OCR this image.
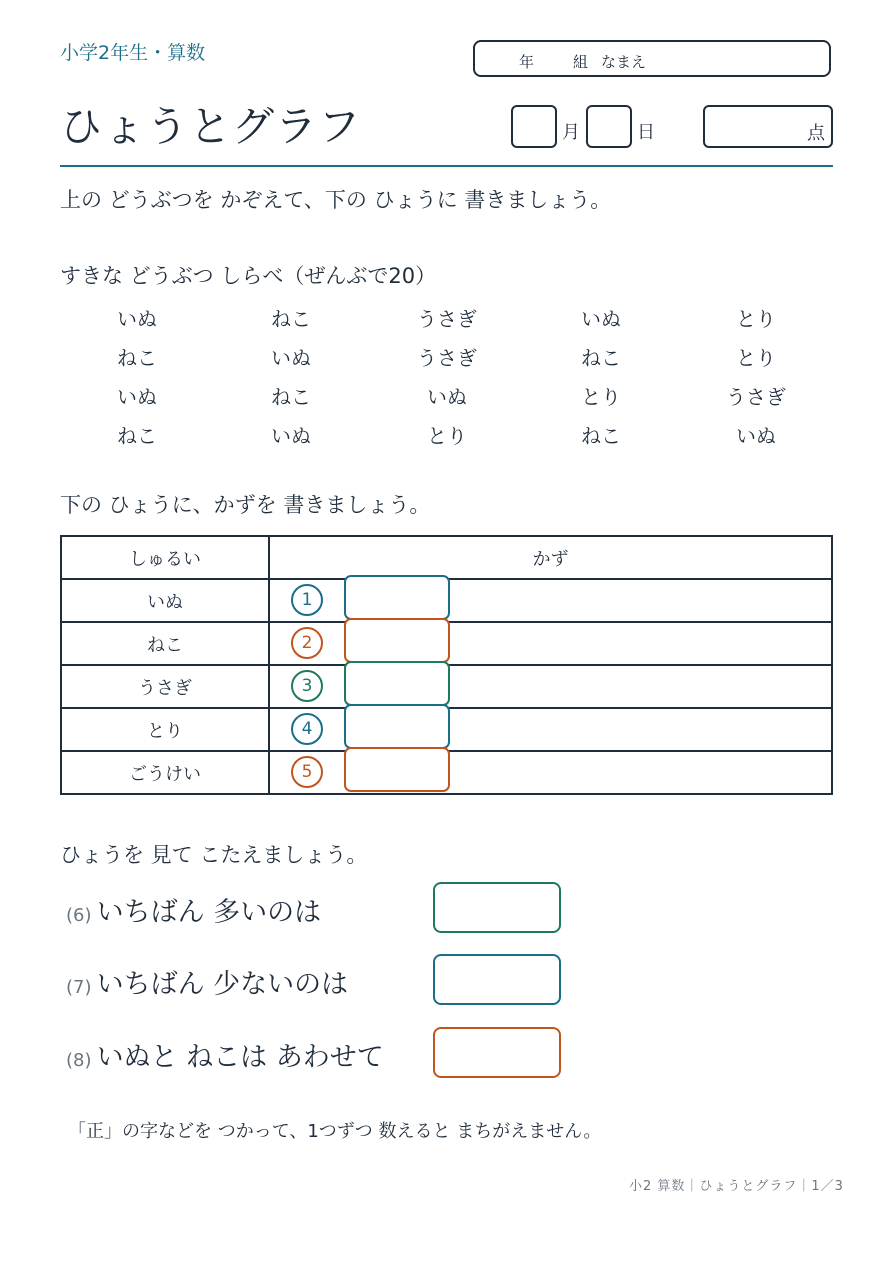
小学2年生・算数	年	組 なまえ
ひょうとグラフ	月	日	点
上の どうぶつを かぞえて、下の ひょうに 書きましょう。
すきな どうぶつ しらべ（ぜんぶで20）
いぬ	ねこ	うさぎ	いぬ	とり
ねこ	いぬ	うさぎ	ねこ	とり
いぬ	ねこ	いぬ	とり	うさぎ
ねこ	いぬ	とり	ねこ	いぬ
下の ひょうに、かずを 書きましょう。
しゅるい	かず
いぬ	1

ねこ	2

うさぎ	3

とり	4

ごうけい	5
ひょうを 見て こたえましょう。
(6) いちばん 多いのは
(7) いちばん 少ないのは
(8) いぬと ねこは あわせて
「正」の字などを つかって、1つずつ 数えると まちがえません。
小2 算数｜ひょうとグラフ｜1／3
